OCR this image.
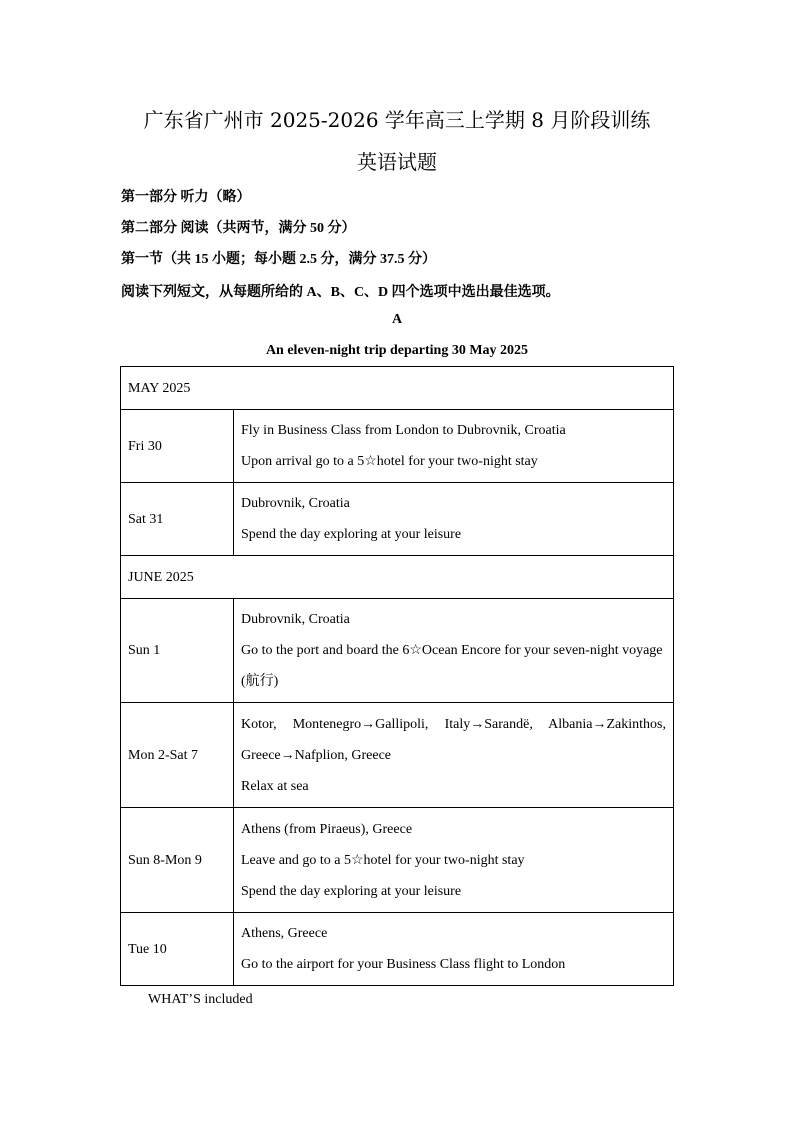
广东省广州市 2025-2026 学年高三上学期 8 月阶段训练
英语试题
第一部分 听力（略）
第二部分 阅读（共两节，满分 50 分）
第一节（共 15 小题；每小题 2.5 分，满分 37.5 分）
阅读下列短文，从每题所给的 A、B、C、D 四个选项中选出最佳选项。
A
An eleven-night trip departing 30 May 2025
MAY 2025	
Fri 30	Fly in Business Class from London to Dubrovnik, Croatia
Upon arrival go to a 5☆hotel for your two-night stay

Sat 31	Dubrovnik, Croatia
Spend the day exploring at your leisure

JUNE 2025	
Sun 1	Dubrovnik, Croatia
Go to the port and board the 6☆Ocean Encore for your seven-night voyage
(航行)

Mon 2-Sat 7	Kotor,   Montenegro→Gallipoli,   Italy→Sarandë,   Albania→Zakinthos,
Greece→Nafplion, Greece
Relax at sea

Sun 8-Mon 9	Athens (from Piraeus), Greece
Leave and go to a 5☆hotel for your two-night stay
Spend the day exploring at your leisure

Tue 10	Athens, Greece
Go to the airport for your Business Class flight to London
WHAT’S included
